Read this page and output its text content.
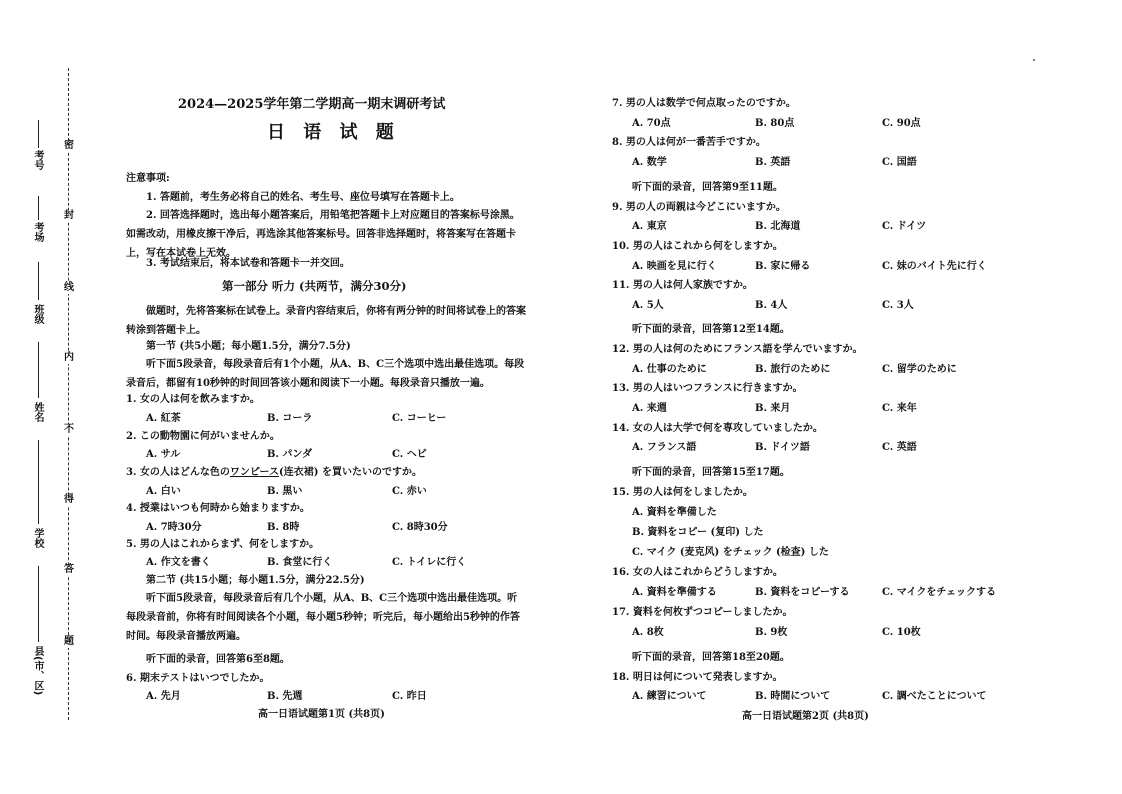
考号
考场
班级
姓名
学校
县(市、区)
密
封
线
内
不
得
答
题
2024—2025学年第二学期高一期末调研考试
日 语 试 题
注意事项:
1. 答题前，考生务必将自己的姓名、考生号、座位号填写在答题卡上。
2. 回答选择题时，选出每小题答案后，用铅笔把答题卡上对应题目的答案标号涂黑。如需改动，用橡皮擦干净后，再选涂其他答案标号。回答非选择题时，将答案写在答题卡上，写在本试卷上无效。
3. 考试结束后，将本试卷和答题卡一并交回。
第一部分 听力 (共两节，满分30分)
做题时，先将答案标在试卷上。录音内容结束后，你将有两分钟的时间将试卷上的答案转涂到答题卡上。
第一节 (共5小题；每小题1.5分，满分7.5分)
听下面5段录音，每段录音后有1个小题，从A、B、C三个选项中选出最佳选项。每段录音后，都留有10秒钟的时间回答该小题和阅读下一小题。每段录音只播放一遍。
1. 女の人は何を飲みますか。
A. 紅茶	B. コーラ	C. コーヒー
2. この動物園に何がいませんか。
A. サル	B. パンダ	C. ヘビ
3. 女の人はどんな色のワンピース(连衣裙) を買いたいのですか。
A. 白い	B. 黒い	C. 赤い
4. 授業はいつも何時から始まりますか。
A. 7時30分	B. 8時	C. 8時30分
5. 男の人はこれからまず、何をしますか。
A. 作文を書く	B. 食堂に行く	C. トイレに行く
第二节 (共15小题；每小题1.5分，满分22.5分)
听下面5段录音，每段录音后有几个小题，从A、B、C三个选项中选出最佳选项。听每段录音前，你将有时间阅读各个小题，每小题5秒钟；听完后，每小题给出5秒钟的作答时间。每段录音播放两遍。
听下面的录音，回答第6至8题。
6. 期末テストはいつでしたか。
A. 先月	B. 先週	C. 昨日
高一日语试题第1页 (共8页)
7. 男の人は数学で何点取ったのですか。
A. 70点	B. 80点	C. 90点
8. 男の人は何が一番苦手ですか。
A. 数学	B. 英語	C. 国語
听下面的录音，回答第9至11题。
9. 男の人の両親は今どこにいますか。
A. 東京	B. 北海道	C. ドイツ
10. 男の人はこれから何をしますか。
A. 映画を見に行く	B. 家に帰る	C. 妹のバイト先に行く
11. 男の人は何人家族ですか。
A. 5人	B. 4人	C. 3人
听下面的录音，回答第12至14题。
12. 男の人は何のためにフランス語を学んでいますか。
A. 仕事のために	B. 旅行のために	C. 留学のために
13. 男の人はいつフランスに行きますか。
A. 来週	B. 来月	C. 来年
14. 女の人は大学で何を専攻していましたか。
A. フランス語	B. ドイツ語	C. 英語
听下面的录音，回答第15至17题。
15. 男の人は何をしましたか。
A. 資料を準備した
B. 資料をコピー (复印) した
C. マイク (麦克风) をチェック (检查) した
16. 女の人はこれからどうしますか。
A. 資料を準備する	B. 資料をコピーする	C. マイクをチェックする
17. 資料を何枚ずつコピーしましたか。
A. 8枚	B. 9枚	C. 10枚
听下面的录音，回答第18至20题。
18. 明日は何について発表しますか。
A. 練習について	B. 時間について	C. 調べたことについて
高一日语试题第2页 (共8页)
